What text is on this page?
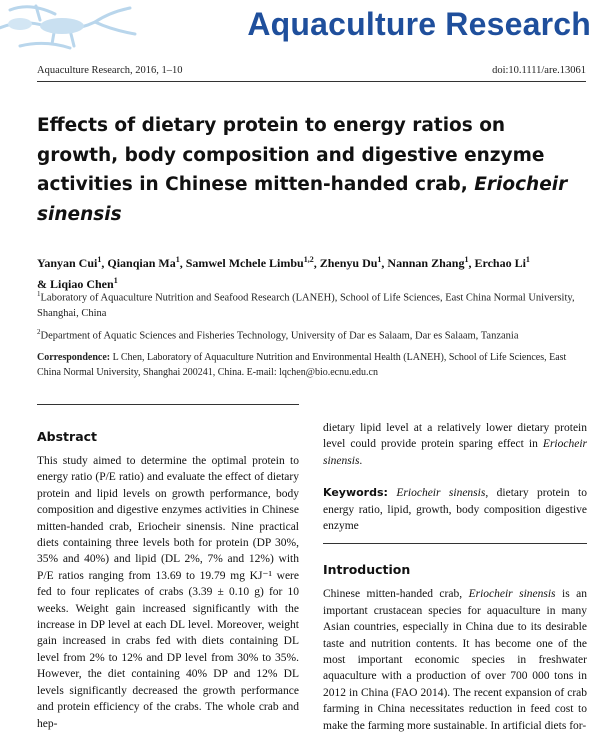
Aquaculture Research
Aquaculture Research, 2016, 1–10	doi:10.1111/are.13061
Effects of dietary protein to energy ratios on growth, body composition and digestive enzyme activities in Chinese mitten-handed crab, Eriocheir sinensis
Yanyan Cui$^1$, Qianqian Ma$^1$, Samwel Mchele Limbu$^{1,2}$, Zhenyu Du$^1$, Nannan Zhang$^1$, Erchao Li$^1$
& Liqiao Chen$^1$

$^1$Laboratory of Aquaculture Nutrition and Seafood Research (LANEH), School of Life Sciences, East China Normal University, Shanghai, China

$^2$Department of Aquatic Sciences and Fisheries Technology, University of Dar es Salaam, Dar es Salaam, Tanzania

Correspondence: L Chen, Laboratory of Aquaculture Nutrition and Environmental Health (LANEH), School of Life Sciences, East China Normal University, Shanghai 200241, China. E-mail: lqchen@bio.ecnu.edu.cn
Abstract
This study aimed to determine the optimal protein to energy ratio (P/E ratio) and evaluate the effect of dietary protein and lipid levels on growth performance, body composition and digestive enzymes activities in Chinese mitten-handed crab, Eriocheir sinensis. Nine practical diets containing three levels both for protein (DP 30%, 35% and 40%) and lipid (DL 2%, 7% and 12%) with P/E ratios ranging from 13.69 to 19.79 mg KJ⁻¹ were fed to four replicates of crabs (3.39 ± 0.10 g) for 10 weeks. Weight gain increased significantly with the increase in DP level at each DL level. Moreover, weight gain increased in crabs fed with diets containing DL level from 2% to 12% and DP level from 30% to 35%. However, the diet containing 40% DP and 12% DL levels significantly decreased the growth performance and protein efficiency of the crabs. The whole crab and hep-
dietary lipid level at a relatively lower dietary protein level could provide protein sparing effect in Eriocheir sinensis.
Keywords: Eriocheir sinensis, dietary protein to energy ratio, lipid, growth, body composition digestive enzyme
Introduction
Chinese mitten-handed crab, Eriocheir sinensis is an important crustacean species for aquaculture in many Asian countries, especially in China due to its desirable taste and nutrition contents. It has become one of the most important economic species in freshwater aquaculture with a production of over 700 000 tons in 2012 in China (FAO 2014). The recent expansion of crab farming in China necessitates reduction in feed cost to make the farming more sustainable. In artificial diets for-
